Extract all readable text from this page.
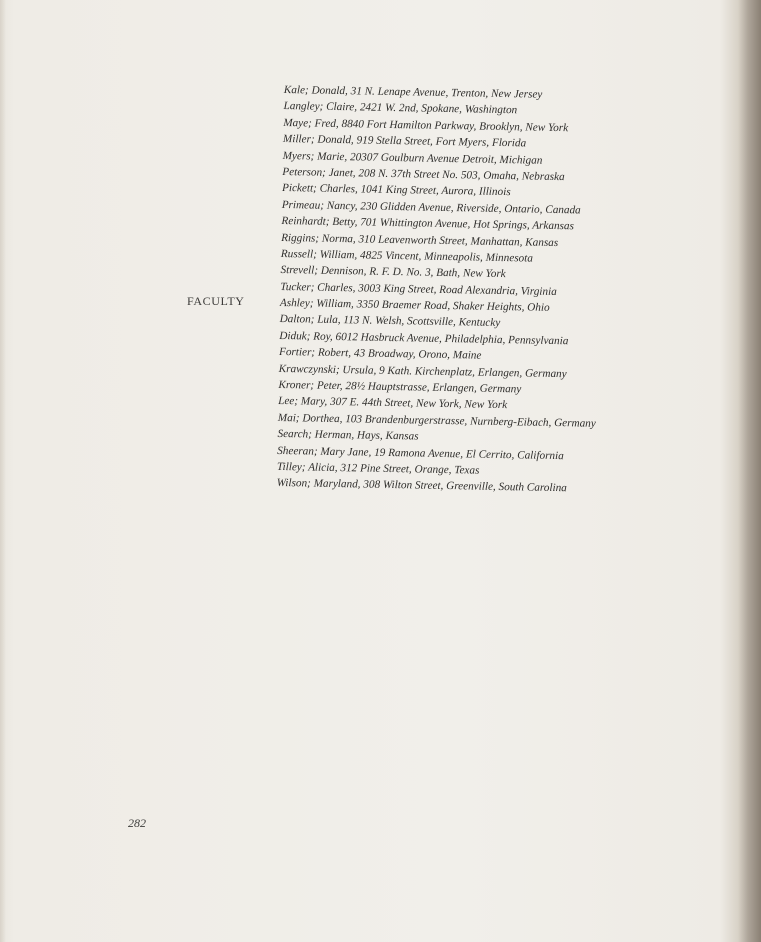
FACULTY
Kale; Donald, 31 N. Lenape Avenue, Trenton, New Jersey
Langley; Claire, 2421 W. 2nd, Spokane, Washington
Maye; Fred, 8840 Fort Hamilton Parkway, Brooklyn, New York
Miller; Donald, 919 Stella Street, Fort Myers, Florida
Myers; Marie, 20307 Goulburn Avenue Detroit, Michigan
Peterson; Janet, 208 N. 37th Street No. 503, Omaha, Nebraska
Pickett; Charles, 1041 King Street, Aurora, Illinois
Primeau; Nancy, 230 Glidden Avenue, Riverside, Ontario, Canada
Reinhardt; Betty, 701 Whittington Avenue, Hot Springs, Arkansas
Riggins; Norma, 310 Leavenworth Street, Manhattan, Kansas
Russell; William, 4825 Vincent, Minneapolis, Minnesota
Strevell; Dennison, R. F. D. No. 3, Bath, New York
Tucker; Charles, 3003 King Street, Road Alexandria, Virginia
Ashley; William, 3350 Braemer Road, Shaker Heights, Ohio
Dalton; Lula, 113 N. Welsh, Scottsville, Kentucky
Diduk; Roy, 6012 Hasbruck Avenue, Philadelphia, Pennsylvania
Fortier; Robert, 43 Broadway, Orono, Maine
Krawczynski; Ursula, 9 Kath. Kirchenplatz, Erlangen, Germany
Kroner; Peter, 28½ Hauptstrasse, Erlangen, Germany
Lee; Mary, 307 E. 44th Street, New York, New York
Mai; Dorthea, 103 Brandenburgerstrasse, Nurnberg-Eibach, Germany
Search; Herman, Hays, Kansas
Sheeran; Mary Jane, 19 Ramona Avenue, El Cerrito, California
Tilley; Alicia, 312 Pine Street, Orange, Texas
Wilson; Maryland, 308 Wilton Street, Greenville, South Carolina
282
